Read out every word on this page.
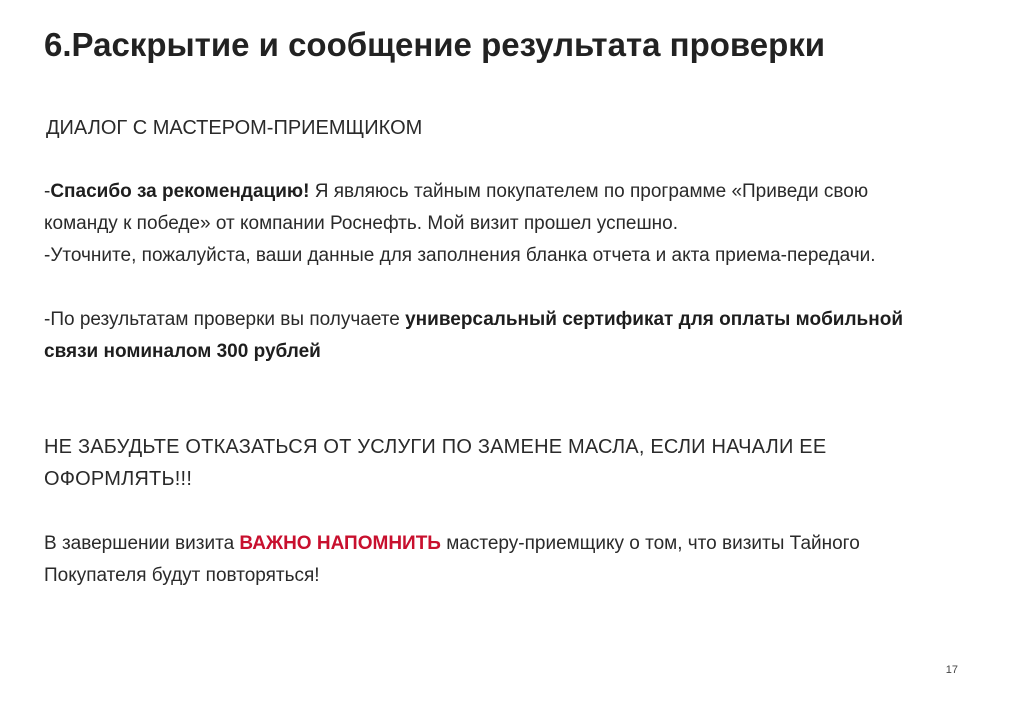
6.Раскрытие и сообщение результата проверки
ДИАЛОГ С МАСТЕРОМ-ПРИЕМЩИКОМ
-Спасибо за рекомендацию! Я являюсь тайным покупателем по программе «Приведи свою команду к победе» от компании Роснефть. Мой визит прошел успешно.
-Уточните, пожалуйста, ваши данные для заполнения бланка отчета и акта приема-передачи.
-По результатам проверки вы получаете универсальный сертификат для оплаты мобильной связи номиналом 300 рублей
НЕ ЗАБУДЬТЕ ОТКАЗАТЬСЯ ОТ УСЛУГИ ПО ЗАМЕНЕ МАСЛА, ЕСЛИ НАЧАЛИ ЕЕ ОФОРМЛЯТЬ!!!
В завершении визита ВАЖНО НАПОМНИТЬ мастеру-приемщику о том, что визиты Тайного Покупателя будут повторяться!
17
